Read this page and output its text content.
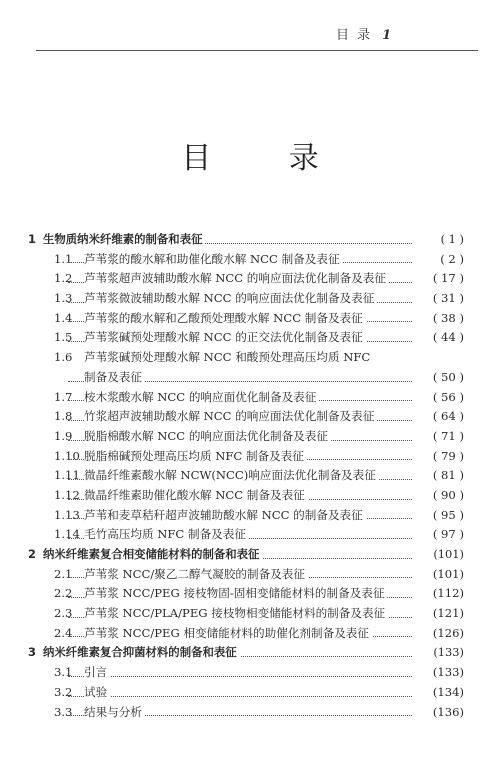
目 录 1
目 录
1 生物质纳米纤维素的制备和表征	( 1 )
1.1 芦苇浆的酸水解和助催化酸水解 NCC 制备及表征	( 2 )
1.2 芦苇浆超声波辅助酸水解 NCC 的响应面法优化制备及表征	( 17 )
1.3 芦苇浆微波辅助酸水解 NCC 的响应面法优化制备及表征	( 31 )
1.4 芦苇浆的酸水解和乙酸预处理酸水解 NCC 制备及表征	( 38 )
1.5 芦苇浆碱预处理酸水解 NCC 的正交法优化制备及表征	( 44 )
1.6 芦苇浆碱预处理酸水解 NCC 和酸预处理高压均质 NFC
制备及表征	( 50 )
1.7 桉木浆酸水解 NCC 的响应面优化制备及表征	( 56 )
1.8 竹浆超声波辅助酸水解 NCC 的响应面法优化制备及表征	( 64 )
1.9 脱脂棉酸水解 NCC 的响应面法优化制备及表征	( 71 )
1.10 脱脂棉碱预处理高压均质 NFC 制备及表征	( 79 )
1.11 微晶纤维素酸水解 NCW(NCC)响应面法优化制备及表征	( 81 )
1.12 微晶纤维素助催化酸水解 NCC 制备及表征	( 90 )
1.13 芦苇和麦草秸秆超声波辅助酸水解 NCC 的制备及表征	( 95 )
1.14 毛竹高压均质 NFC 制备及表征	( 97 )
2 纳米纤维素复合相变储能材料的制备和表征	(101)
2.1 芦苇浆 NCC/聚乙二醇气凝胶的制备及表征	(101)
2.2 芦苇浆 NCC/PEG 接枝物固-固相变储能材料的制备及表征	(112)
2.3 芦苇浆 NCC/PLA/PEG 接枝物相变储能材料的制备及表征	(121)
2.4 芦苇浆 NCC/PEG 相变储能材料的助催化剂制备及表征	(126)
3 纳米纤维素复合抑菌材料的制备和表征	(133)
3.1 引言	(133)
3.2 试验	(134)
3.3 结果与分析	(136)
